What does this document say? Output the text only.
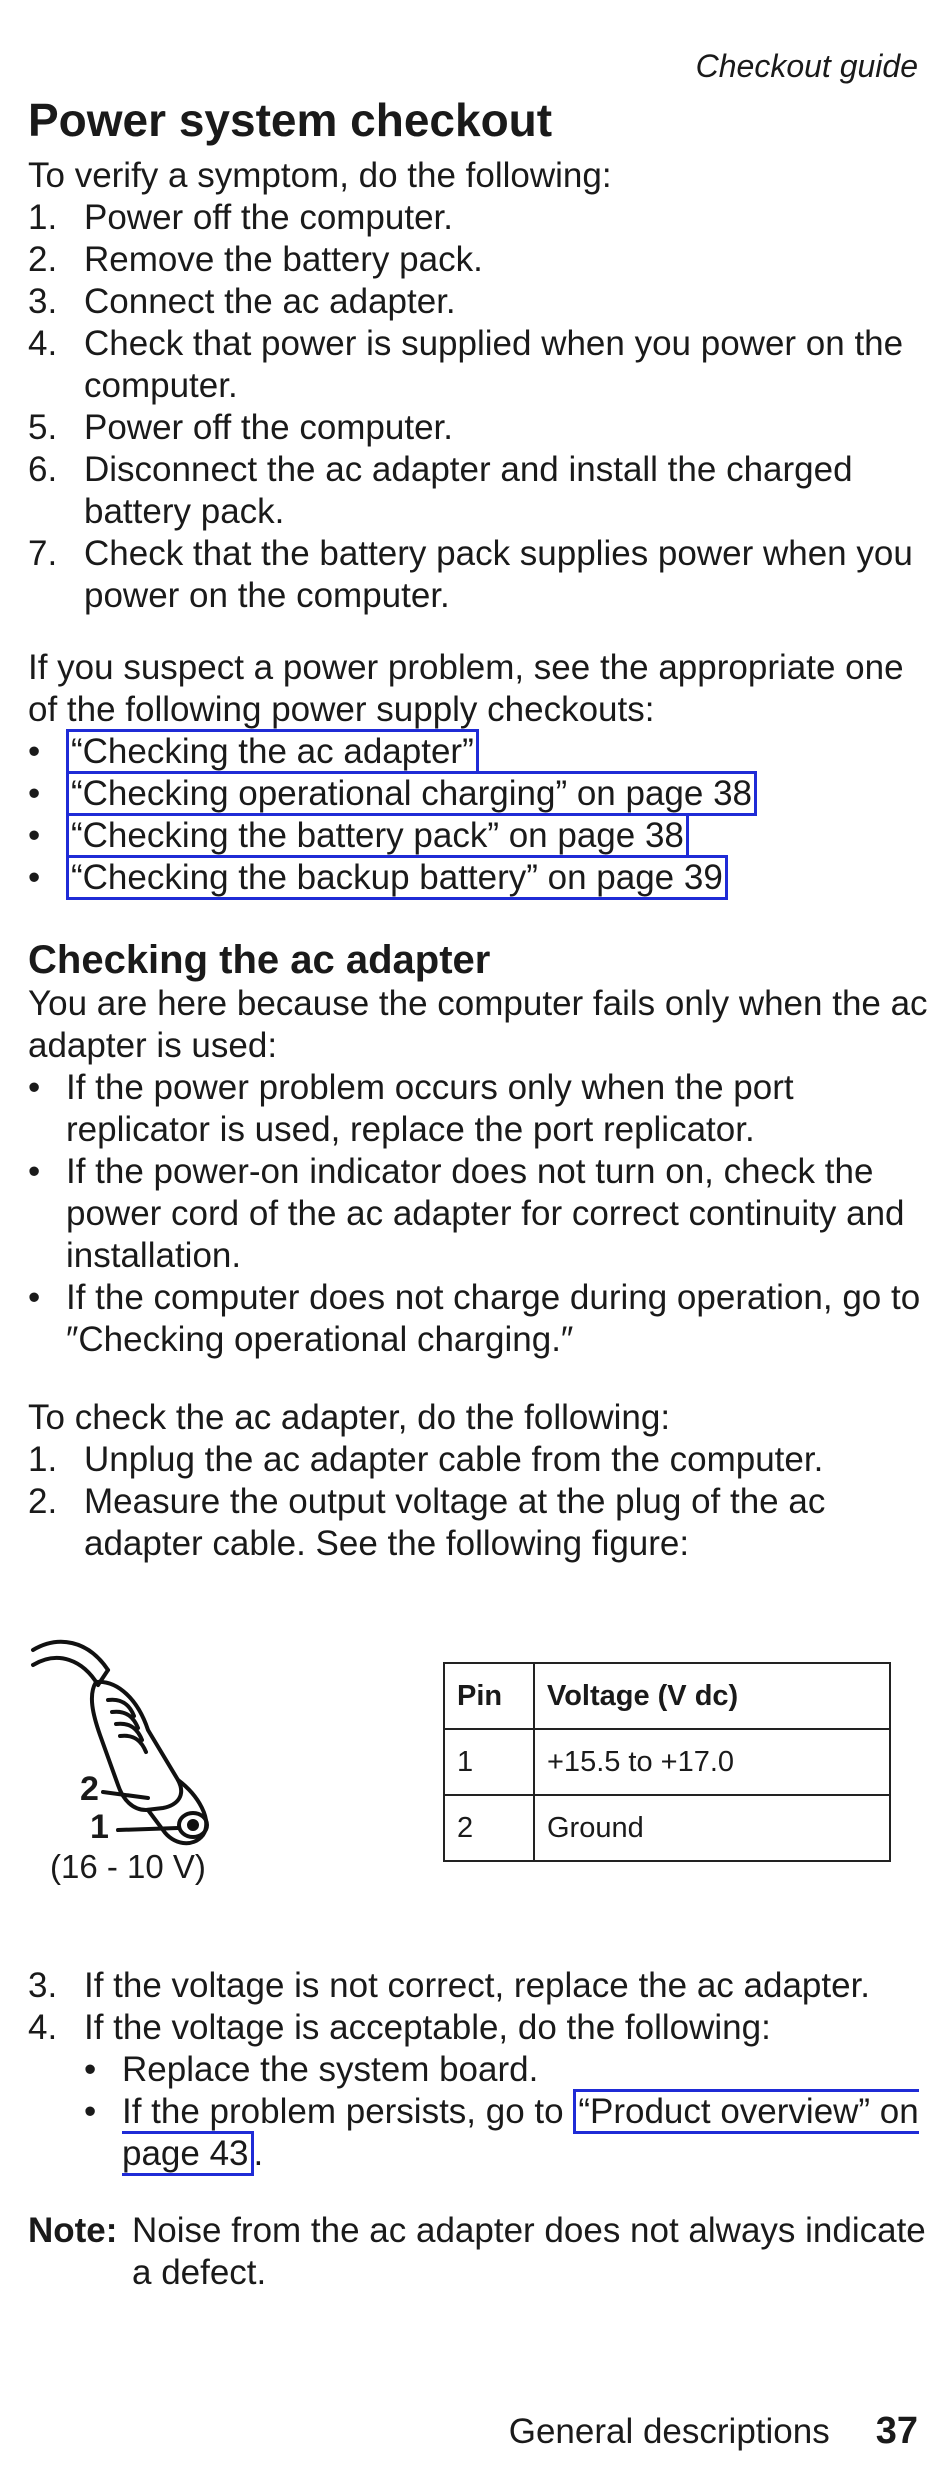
Checkout guide
Power system checkout

To verify a symptom, do the following:

1. Power off the computer.
2. Remove the battery pack.
3. Connect the ac adapter.
4. Check that power is supplied when you power on the computer.
5. Power off the computer.
6. Disconnect the ac adapter and install the charged battery pack.
7. Check that the battery pack supplies power when you power on the computer.

If you suspect a power problem, see the appropriate one of the following power supply checkouts:

• “Checking the ac adapter”
• “Checking operational charging” on page 38
• “Checking the battery pack” on page 38
• “Checking the backup battery” on page 39
Checking the ac adapter

You are here because the computer fails only when the ac adapter is used:

• If the power problem occurs only when the port replicator is used, replace the port replicator.
• If the power-on indicator does not turn on, check the power cord of the ac adapter for correct continuity and installation.
• If the computer does not charge during operation, go to ″Checking operational charging.″

To check the ac adapter, do the following:

1. Unplug the ac adapter cable from the computer.
2. Measure the output voltage at the plug of the ac adapter cable. See the following figure:
2
1
(16 - 10 V)
Pin	Voltage (V dc)
1	+15.5 to +17.0
2	Ground
3. If the voltage is not correct, replace the ac adapter.
4. If the voltage is acceptable, do the following:
• Replace the system board.
• If the problem persists, go to “Product overview” on page 43 .
Note: Noise from the ac adapter does not always indicate a defect.

General descriptions 37
